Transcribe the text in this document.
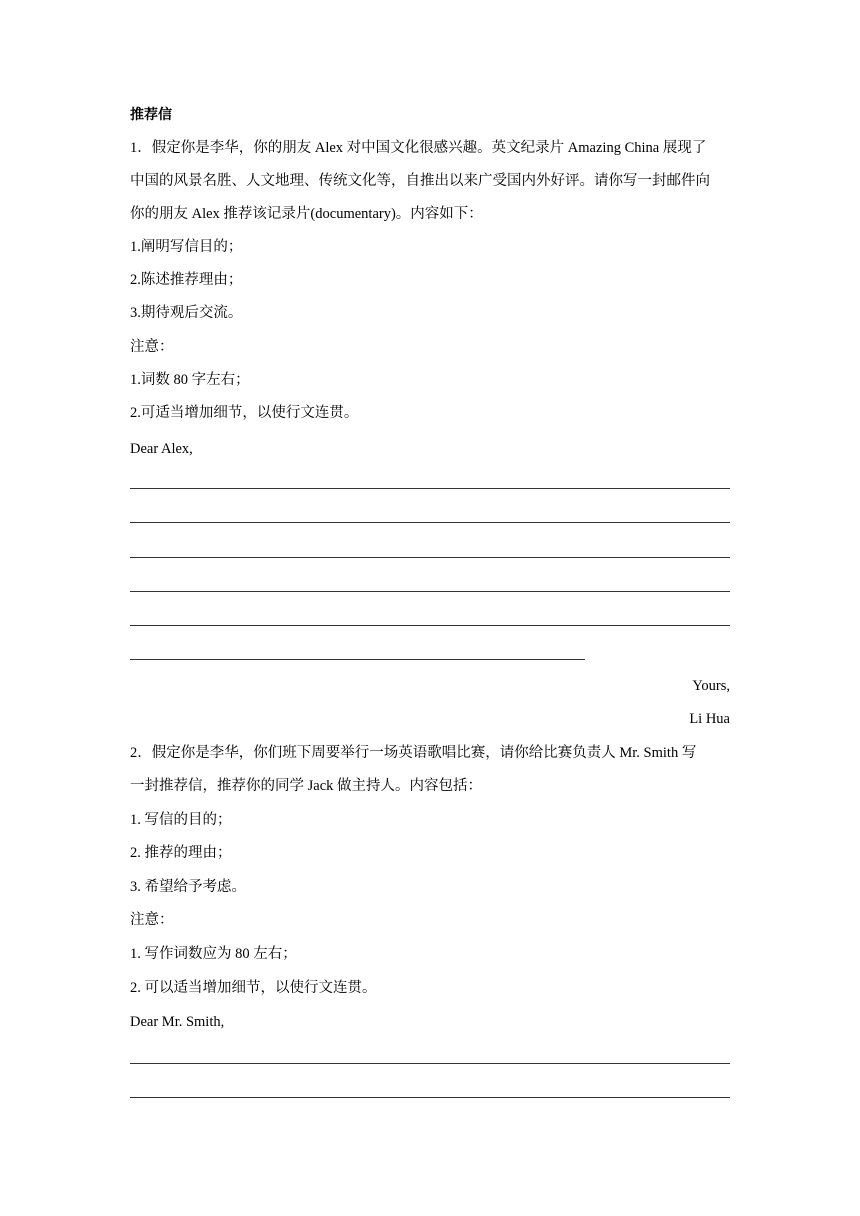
推荐信
1．假定你是李华，你的朋友 Alex 对中国文化很感兴趣。英文纪录片 Amazing China 展现了
中国的风景名胜、人文地理、传统文化等，自推出以来广受国内外好评。请你写一封邮件向
你的朋友 Alex 推荐该记录片(documentary)。内容如下：
1.阐明写信目的；
2.陈述推荐理由；
3.期待观后交流。
注意：
1.词数 80 字左右；
2.可适当增加细节，以使行文连贯。
Dear Alex,
Yours,
Li Hua
2．假定你是李华，你们班下周要举行一场英语歌唱比赛，请你给比赛负责人 Mr. Smith 写
一封推荐信，推荐你的同学 Jack 做主持人。内容包括：
1. 写信的目的；
2. 推荐的理由；
3. 希望给予考虑。
注意：
1. 写作词数应为 80 左右；
2. 可以适当增加细节，以使行文连贯。
Dear Mr. Smith,
